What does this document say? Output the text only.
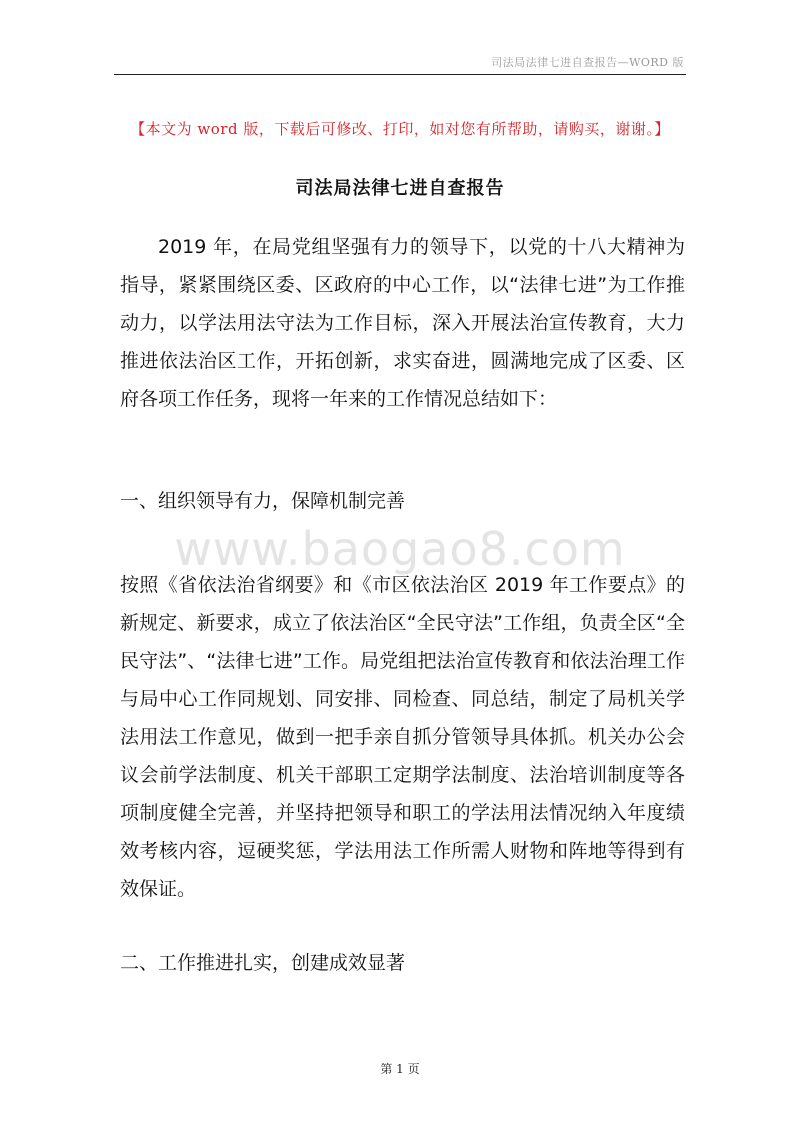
司法局法律七进自查报告—WORD 版
【本文为 word 版，下载后可修改、打印，如对您有所帮助，请购买，谢谢。】
司法局法律七进自查报告

2019 年，在局党组坚强有力的领导下，以党的十八大精神为指导，紧紧围绕区委、区政府的中心工作，以“法律七进”为工作推动力，以学法用法守法为工作目标，深入开展法治宣传教育，大力推进依法治区工作，开拓创新，求实奋进，圆满地完成了区委、区府各项工作任务，现将一年来的工作情况总结如下：

一、组织领导有力，保障机制完善

www.baogao8.com

按照《省依法治省纲要》和《市区依法治区 2019 年工作要点》的新规定、新要求，成立了依法治区“全民守法”工作组，负责全区“全民守法”、“法律七进”工作。局党组把法治宣传教育和依法治理工作与局中心工作同规划、同安排、同检查、同总结，制定了局机关学法用法工作意见，做到一把手亲自抓分管领导具体抓。机关办公会议会前学法制度、机关干部职工定期学法制度、法治培训制度等各项制度健全完善，并坚持把领导和职工的学法用法情况纳入年度绩效考核内容，逗硬奖惩，学法用法工作所需人财物和阵地等得到有效保证。

二、工作推进扎实，创建成效显著

第 1 页
